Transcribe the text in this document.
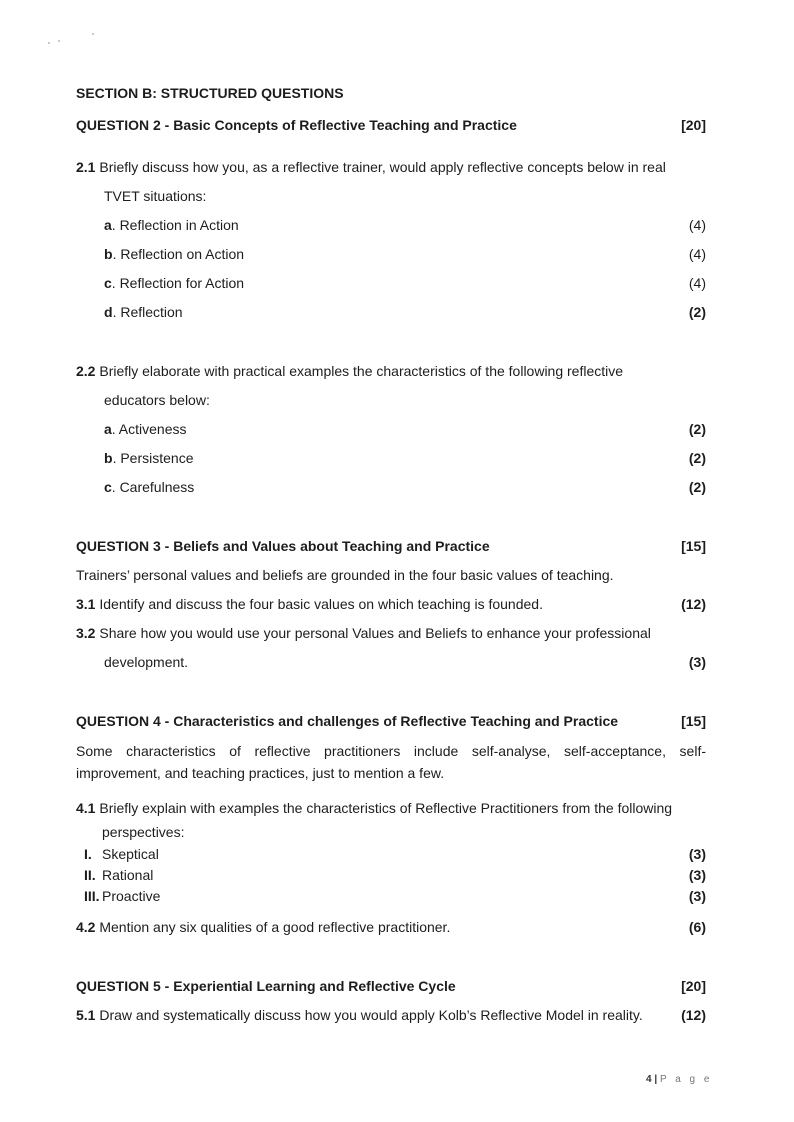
SECTION B: STRUCTURED QUESTIONS
QUESTION 2 - Basic Concepts of Reflective Teaching and Practice	[20]
2.1 Briefly discuss how you, as a reflective trainer, would apply reflective concepts below in real
TVET situations:
a. Reflection in Action	(4)
b. Reflection on Action	(4)
c. Reflection for Action	(4)
d. Reflection	(2)
2.2 Briefly elaborate with practical examples the characteristics of the following reflective
educators below:
a. Activeness	(2)
b. Persistence	(2)
c. Carefulness	(2)
QUESTION 3 - Beliefs and Values about Teaching and Practice	[15]
Trainers’ personal values and beliefs are grounded in the four basic values of teaching.
3.1 Identify and discuss the four basic values on which teaching is founded.	(12)
3.2 Share how you would use your personal Values and Beliefs to enhance your professional
development.	(3)
QUESTION 4 - Characteristics and challenges of Reflective Teaching and Practice	[15]
Some characteristics of reflective practitioners include self-analyse, self-acceptance, self-
improvement, and teaching practices, just to mention a few.
4.1 Briefly explain with examples the characteristics of Reflective Practitioners from the following
perspectives:
I. Skeptical	(3)
II. Rational	(3)
III. Proactive	(3)
4.2 Mention any six qualities of a good reflective practitioner.	(6)
QUESTION 5 - Experiential Learning and Reflective Cycle	[20]
5.1 Draw and systematically discuss how you would apply Kolb’s Reflective Model in reality.	(12)
4 | P a g e
